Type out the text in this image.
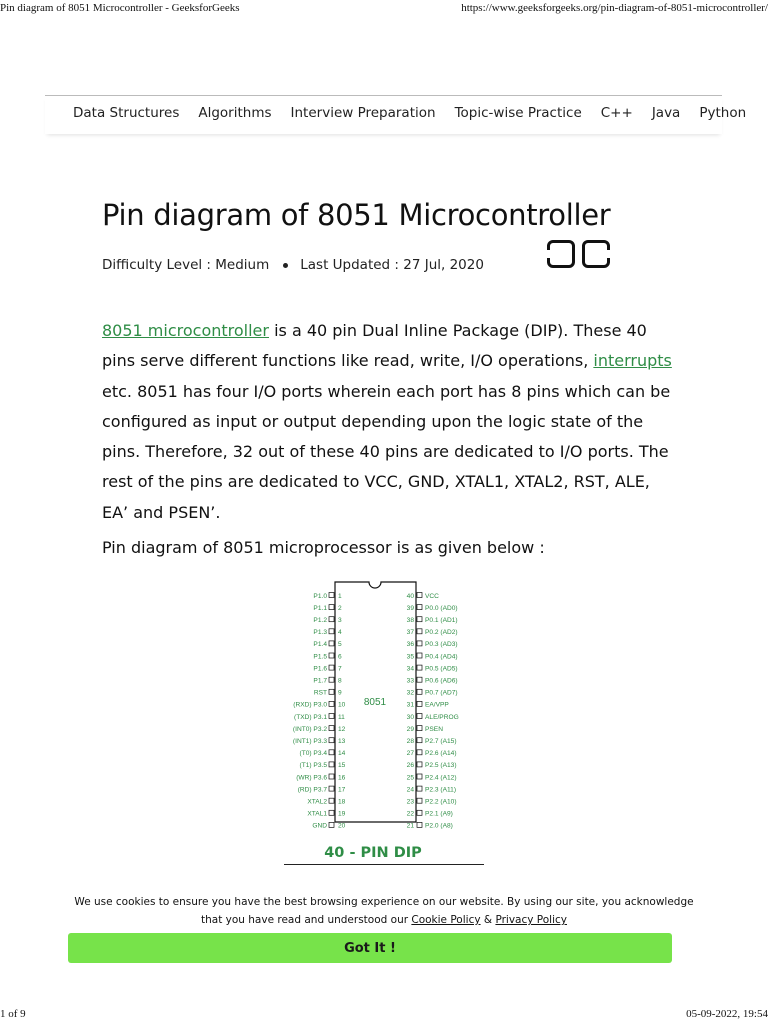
Pin diagram of 8051 Microcontroller - GeeksforGeeks	https://www.geeksforgeeks.org/pin-diagram-of-8051-microcontroller/
Data Structures Algorithms Interview Preparation Topic-wise Practice C++ Java Python
Pin diagram of 8051 Microcontroller
Difficulty Level : Medium Last Updated : 27 Jul, 2020

8051 microcontroller is a 40 pin Dual Inline Package (DIP). These 40 pins serve different functions like read, write, I/O operations, interrupts etc. 8051 has four I/O ports wherein each port has 8 pins which can be configured as input or output depending upon the logic state of the pins. Therefore, 32 out of these 40 pins are dedicated to I/O ports. The rest of the pins are dedicated to VCC, GND, XTAL1, XTAL2, RST, ALE, EA’ and PSEN’.

Pin diagram of 8051 microprocessor is as given below :

P1.0 1
P1.1 2
P1.2 3
P1.3 4
P1.4 5
P1.5 6
P1.6 7
P1.7 8
RST 9
(RXD) P3.0 10
(TXD) P3.1 11
(INT0) P3.2 12
(INT1) P3.3 13
(T0) P3.4 14
(T1) P3.5 15
(WR) P3.6 16
(RD) P3.7 17
XTAL2 18
XTAL1 19
GND 20
40 VCC
39 P0.0 (AD0)
38 P0.1 (AD1)
37 P0.2 (AD2)
36 P0.3 (AD3)
35 P0.4 (AD4)
34 P0.5 (AD5)
33 P0.6 (AD6)
32 P0.7 (AD7)
31 EA/VPP
30 ALE/PROG
29 PSEN
28 P2.7 (A15)
27 P2.6 (A14)
26 P2.5 (A13)
25 P2.4 (A12)
24 P2.3 (A11)
23 P2.2 (A10)
22 P2.1 (A9)
21 P2.0 (A8)
8051
40 - PIN DIP
We use cookies to ensure you have the best browsing experience on our website. By using our site, you acknowledge
that you have read and understood our Cookie Policy & Privacy Policy
Got It !
1 of 9	05-09-2022, 19:54
